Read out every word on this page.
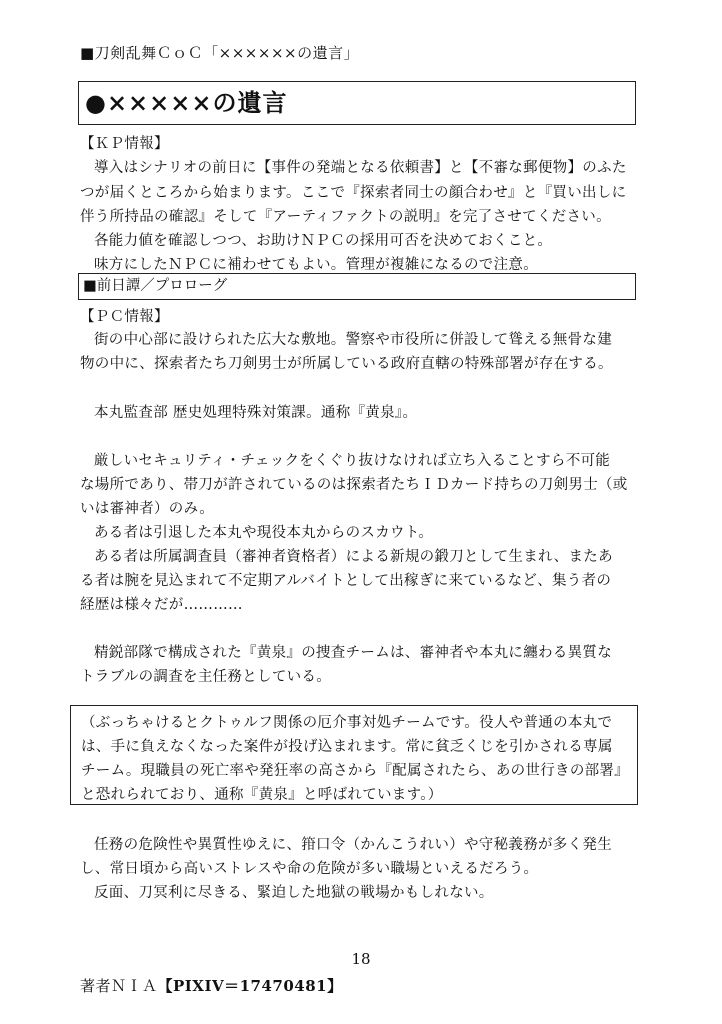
■刀剣乱舞ＣｏＣ「××××××の遺言」
●×××××の遺言
【ＫＰ情報】
導入はシナリオの前日に【事件の発端となる依頼書】と【不審な郵便物】のふた
つが届くところから始まります。ここで『探索者同士の顔合わせ』と『買い出しに
伴う所持品の確認』そして『アーティファクトの説明』を完了させてください。
各能力値を確認しつつ、お助けＮＰＣの採用可否を決めておくこと。
味方にしたＮＰＣに補わせてもよい。管理が複雑になるので注意。
■前日譚／プロローグ
【ＰＣ情報】
街の中心部に設けられた広大な敷地。警察や市役所に併設して聳える無骨な建
物の中に、探索者たち刀剣男士が所属している政府直轄の特殊部署が存在する。
本丸監査部 歴史処理特殊対策課。通称『黄泉』。
厳しいセキュリティ・チェックをくぐり抜けなければ立ち入ることすら不可能
な場所であり、帯刀が許されているのは探索者たちＩＤカード持ちの刀剣男士（或
いは審神者）のみ。
ある者は引退した本丸や現役本丸からのスカウト。
ある者は所属調査員（審神者資格者）による新規の鍛刀として生まれ、またあ
る者は腕を見込まれて不定期アルバイトとして出稼ぎに来ているなど、集う者の
経歴は様々だが…………
精鋭部隊で構成された『黄泉』の捜査チームは、審神者や本丸に纏わる異質な
トラブルの調査を主任務としている。
（ぶっちゃけるとクトゥルフ関係の厄介事対処チームです。役人や普通の本丸で
は、手に負えなくなった案件が投げ込まれます。常に貧乏くじを引かされる専属
チーム。現職員の死亡率や発狂率の高さから『配属されたら、あの世行きの部署』
と恐れられており、通称『黄泉』と呼ばれています。）
任務の危険性や異質性ゆえに、箝口令（かんこうれい）や守秘義務が多く発生
し、常日頃から高いストレスや命の危険が多い職場といえるだろう。
反面、刀冥利に尽きる、緊迫した地獄の戦場かもしれない。
18
著者ＮＩＡ【PIXIV＝17470481】
